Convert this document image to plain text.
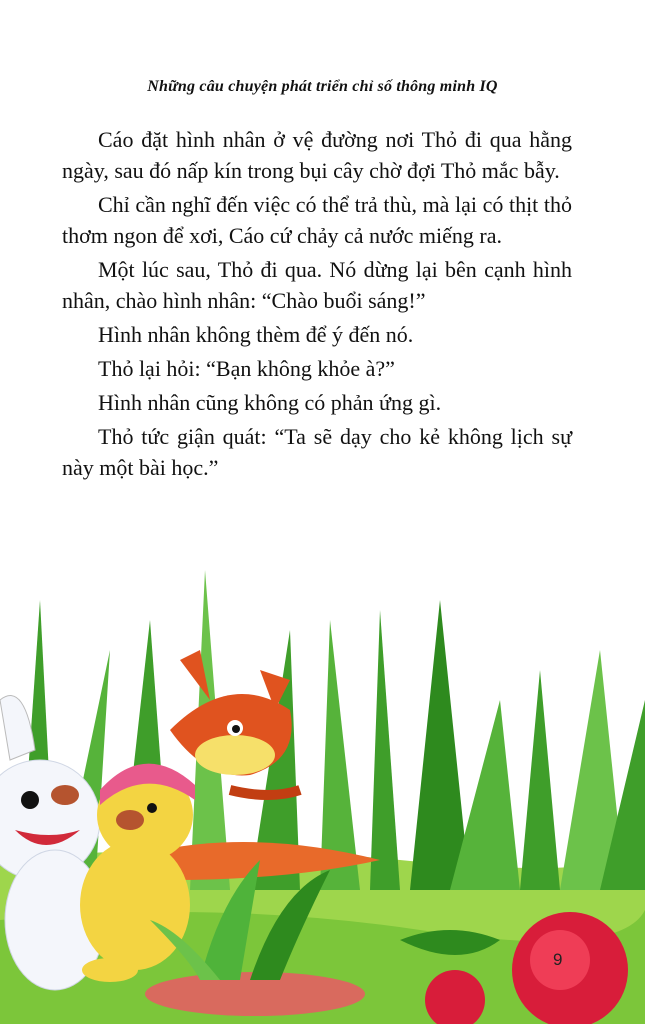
Những câu chuyện phát triển chỉ số thông minh IQ

Cáo đặt hình nhân ở vệ đường nơi Thỏ đi qua hằng ngày, sau đó nấp kín trong bụi cây chờ đợi Thỏ mắc bẫy.

Chỉ cần nghĩ đến việc có thể trả thù, mà lại có thịt thỏ thơm ngon để xơi, Cáo cứ chảy cả nước miếng ra.

Một lúc sau, Thỏ đi qua. Nó dừng lại bên cạnh hình nhân, chào hình nhân: “Chào buổi sáng!”

Hình nhân không thèm để ý đến nó.

Thỏ lại hỏi: “Bạn không khỏe à?”

Hình nhân cũng không có phản ứng gì.

Thỏ tức giận quát: “Ta sẽ dạy cho kẻ không lịch sự này một bài học.”

9
